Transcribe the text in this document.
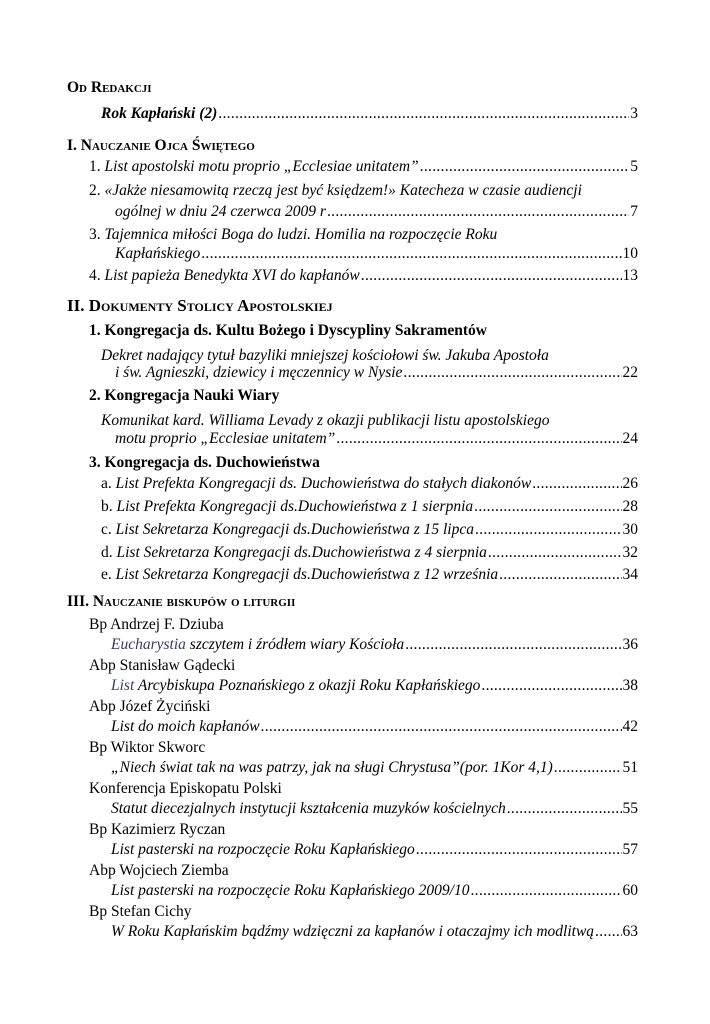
Od Redakcji
Rok Kapłański (2) .....	3
I. Nauczanie Ojca Świętego
1.
List apostolski motu proprio „Ecclesiae unitatem” .....	5
2. «Jakże niesamowitą rzeczą jest być księdzem!» Katecheza w czasie audiencji
ogólnej w dniu 24 czerwca 2009 r .....	7
3. Tajemnica miłości Boga do ludzi. Homilia na rozpoczęcie Roku
Kapłańskiego .....	10
4.
List papieża Benedykta XVI do kapłanów .....	13
II. Dokumenty Stolicy Apostolskiej
1. Kongregacja ds. Kultu Bożego i Dyscypliny Sakramentów
Dekret nadający tytuł bazyliki mniejszej kościołowi św. Jakuba Apostoła
i św. Agnieszki, dziewicy i męczennicy w Nysie .....	22
2. Kongregacja Nauki Wiary
Komunikat kard. Williama Levady z okazji publikacji listu apostolskiego
motu proprio „Ecclesiae unitatem” .....	24
3. Kongregacja ds. Duchowieństwa
a.
List Prefekta Kongregacji ds. Duchowieństwa do stałych diakonów .....	26
b.
List Prefekta Kongregacji ds.Duchowieństwa z 1 sierpnia .....	28
c.
List Sekretarza Kongregacji ds.Duchowieństwa z 15 lipca .....	30
d.
List Sekretarza Kongregacji ds.Duchowieństwa z 4 sierpnia .....	32
e.
List Sekretarza Kongregacji ds.Duchowieństwa z 12 września .....	34
III. Nauczanie biskupów o liturgii
Bp Andrzej F. Dziuba
Eucharystia szczytem i źródłem wiary Kościoła .....	36
Abp Stanisław Gądecki
List Arcybiskupa Poznańskiego z okazji Roku Kapłańskiego .....	38
Abp Józef Życiński
List do moich kapłanów .....	42
Bp Wiktor Skworc
„Niech świat tak na was patrzy, jak na sługi Chrystusa”(por. 1Kor 4,1) .....	51
Konferencja Episkopatu Polski
Statut diecezjalnych instytucji kształcenia muzyków kościelnych .....	55
Bp Kazimierz Ryczan
List pasterski na rozpoczęcie Roku Kapłańskiego .....	57
Abp Wojciech Ziemba
List pasterski na rozpoczęcie Roku Kapłańskiego 2009/10 .....	60
Bp Stefan Cichy
W Roku Kapłańskim bądźmy wdzięczni za kapłanów i otaczajmy ich modlitwą ..... 63
